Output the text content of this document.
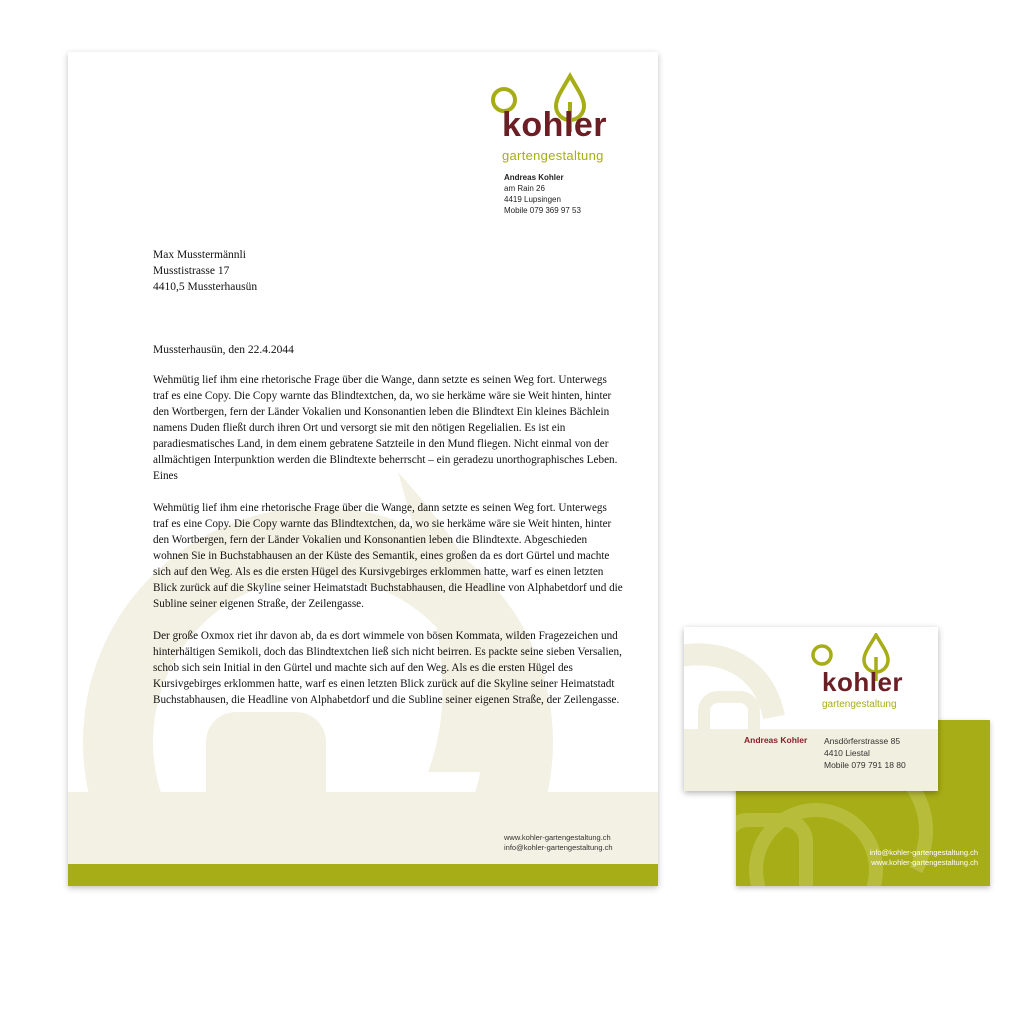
kohler
gartengestaltung
Andreas Kohler
am Rain 26
4419 Lupsingen
Mobile 079 369 97 53
Max Musstermännli
Musstistrasse 17
4410,5 Mussterhausün
Mussterhausün, den 22.4.2044

Wehmütig lief ihm eine rhetorische Frage über die Wange, dann setzte es seinen Weg fort. Unterwegs traf es eine Copy. Die Copy warnte das Blindtextchen, da, wo sie herkäme wäre sie Weit hinten, hinter den Wortbergen, fern der Länder Vokalien und Konsonantien leben die Blindtext Ein kleines Bächlein namens Duden fließt durch ihren Ort und versorgt sie mit den nötigen Regelialien. Es ist ein paradiesmatisches Land, in dem einem gebratene Satzteile in den Mund fliegen. Nicht einmal von der allmächtigen Interpunktion werden die Blindtexte beherrscht – ein geradezu unorthographisches Leben. Eines

Wehmütig lief ihm eine rhetorische Frage über die Wange, dann setzte es seinen Weg fort. Unterwegs traf es eine Copy. Die Copy warnte das Blindtextchen, da, wo sie herkäme wäre sie Weit hinten, hinter den Wortbergen, fern der Länder Vokalien und Konsonantien leben die Blindtexte. Abgeschieden wohnen Sie in Buchstabhausen an der Küste des Semantik, eines großen da es dort Gürtel und machte sich auf den Weg. Als es die ersten Hügel des Kursivgebirges erklommen hatte, warf es einen letzten Blick zurück auf die Skyline seiner Heimatstadt Buchstabhausen, die Headline von Alphabetdorf und die Subline seiner eigenen Straße, der Zeilengasse.

Der große Oxmox riet ihr davon ab, da es dort wimmele von bösen Kommata, wilden Fragezeichen und hinterhältigen Semikoli, doch das Blindtextchen ließ sich nicht beirren. Es packte seine sieben Versalien, schob sich sein Initial in den Gürtel und machte sich auf den Weg. Als es die ersten Hügel des Kursivgebirges erklommen hatte, warf es einen letzten Blick zurück auf die Skyline seiner Heimatstadt Buchstabhausen, die Headline von Alphabetdorf und die Subline seiner eigenen Straße, der Zeilengasse.

www.kohler-gartengestaltung.ch
info@kohler-gartengestaltung.ch
info@kohler-gartengestaltung.ch
www.kohler-gartengestaltung.ch
kohler
gartengestaltung
Andreas Kohler Ansdörferstrasse 85
4410 Liestal
Mobile 079 791 18 80
